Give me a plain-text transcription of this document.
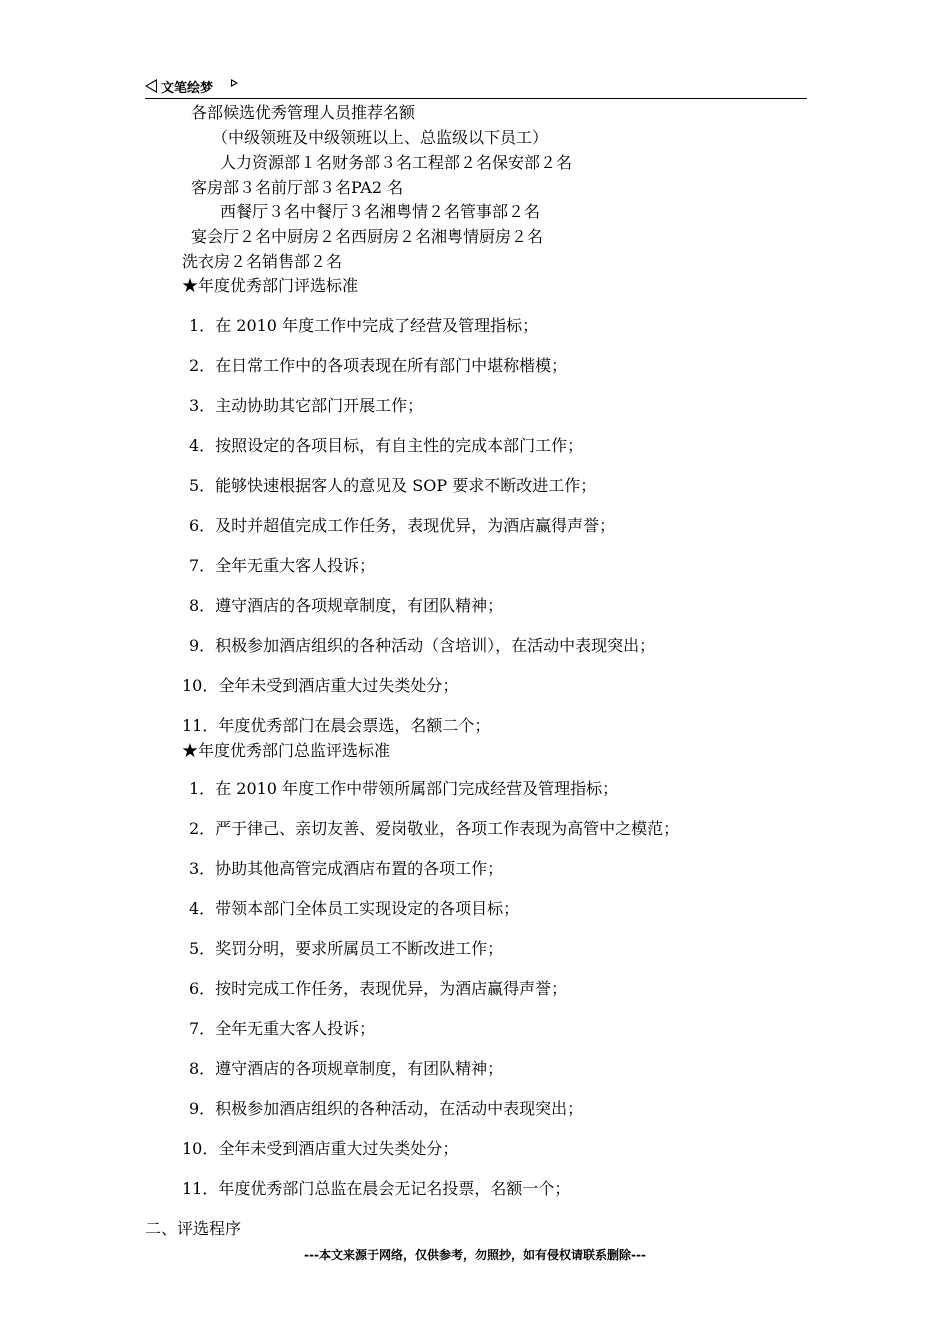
文笔绘梦
各部候选优秀管理人员推荐名额
（中级领班及中级领班以上、总监级以下员工）
人力资源部１名财务部３名工程部２名保安部２名
客房部３名前厅部３名PA2 名
西餐厅３名中餐厅３名湘粤情２名管事部２名
宴会厅２名中厨房２名西厨房２名湘粤情厨房２名
洗衣房２名销售部２名
★年度优秀部门评选标准
1．在 2010 年度工作中完成了经营及管理指标；
2．在日常工作中的各项表现在所有部门中堪称楷模；
3．主动协助其它部门开展工作；
4．按照设定的各项目标，有自主性的完成本部门工作；
5．能够快速根据客人的意见及 SOP 要求不断改进工作；
6．及时并超值完成工作任务，表现优异，为酒店赢得声誉；
7．全年无重大客人投诉；
8．遵守酒店的各项规章制度，有团队精神；
9．积极参加酒店组织的各种活动（含培训），在活动中表现突出；
10．全年未受到酒店重大过失类处分；
11．年度优秀部门在晨会票选，名额二个；
★年度优秀部门总监评选标准
1．在 2010 年度工作中带领所属部门完成经营及管理指标；
2．严于律己、亲切友善、爱岗敬业，各项工作表现为高管中之模范；
3．协助其他高管完成酒店布置的各项工作；
4．带领本部门全体员工实现设定的各项目标；
5．奖罚分明，要求所属员工不断改进工作；
6．按时完成工作任务，表现优异，为酒店赢得声誉；
7．全年无重大客人投诉；
8．遵守酒店的各项规章制度，有团队精神；
9．积极参加酒店组织的各种活动，在活动中表现突出；
10．全年未受到酒店重大过失类处分；
11．年度优秀部门总监在晨会无记名投票，名额一个；
二、评选程序
---本文来源于网络，仅供参考，勿照抄，如有侵权请联系删除---
